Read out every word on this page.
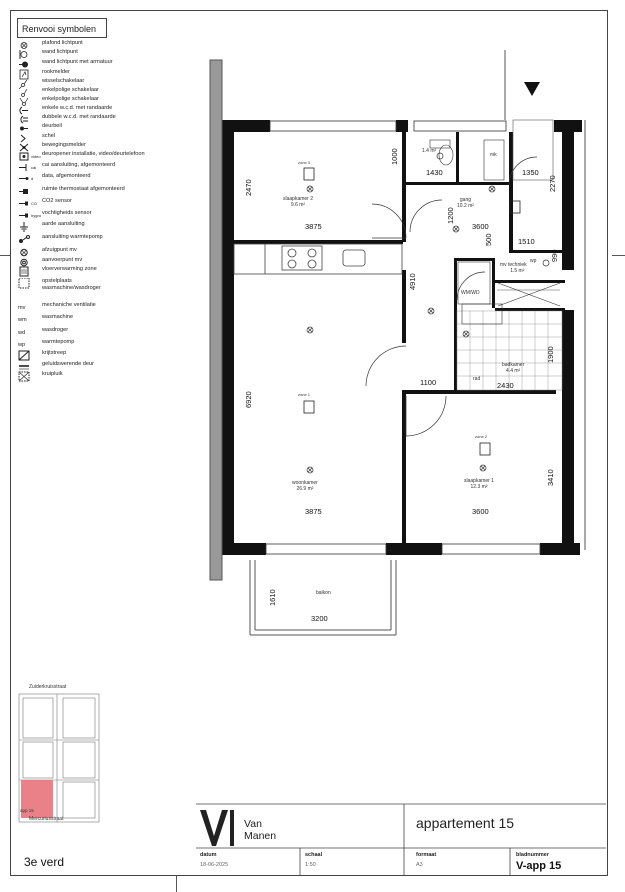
Renvooi symbolen
plafond lichtpunt
wand lichtpunt
wand lichtpunt met armatuur
rookmelder
wisselschakelaar
enkelpolige schakelaar
enkelpolige schakelaar
enkele w.c.d. met randaarde
dubbele w.c.d. met randaarde
deurbeil
schel
bewegingsmelder
video deuropener installatie, video/deurtelefoon
cai cai aansluiting, afgemonteerd
d data, afgemonteerd
ruimte thermostaat afgemonteerd
CO CO2 sensor
hygro vochtigheids sensor
aarde aansluiting
aansluiting warmtepomp
afzuigpunt mv
aanvoerpunt mv
vloerverwarming zone
opstelplaats
wasmachine/wasdroger
mv	mechaniche ventilatie
wm	wasmachine
wd	wasdroger
wp	warmtepomp
krijtstreep
geluidswerende deur
kruipluik
slaapkamer 2
9.6 m²
zone 3
woonkamer
26.9 m²
zone 1
slaapkamer 1
12.3 m²
zone 2
gang
10.2 m²
techniek
1.5 m²
badkamer
4.4 m²
1.4 m²
balkon
mk
WM/WD
rad
mv
wp
3875
3875
2470
1000
1430	1350
3600
3600
2270
1200
500	1510
990
4910
6920
1100
1900
2430
3410
1610
3200
Zuiderkruisstraat
Mercuriusstraat
app 15
3e verd
Van
Manen
appartement 15
datum
18-06-2025
schaal
1:50
formaat
A3
bladnummer
V-app 15
